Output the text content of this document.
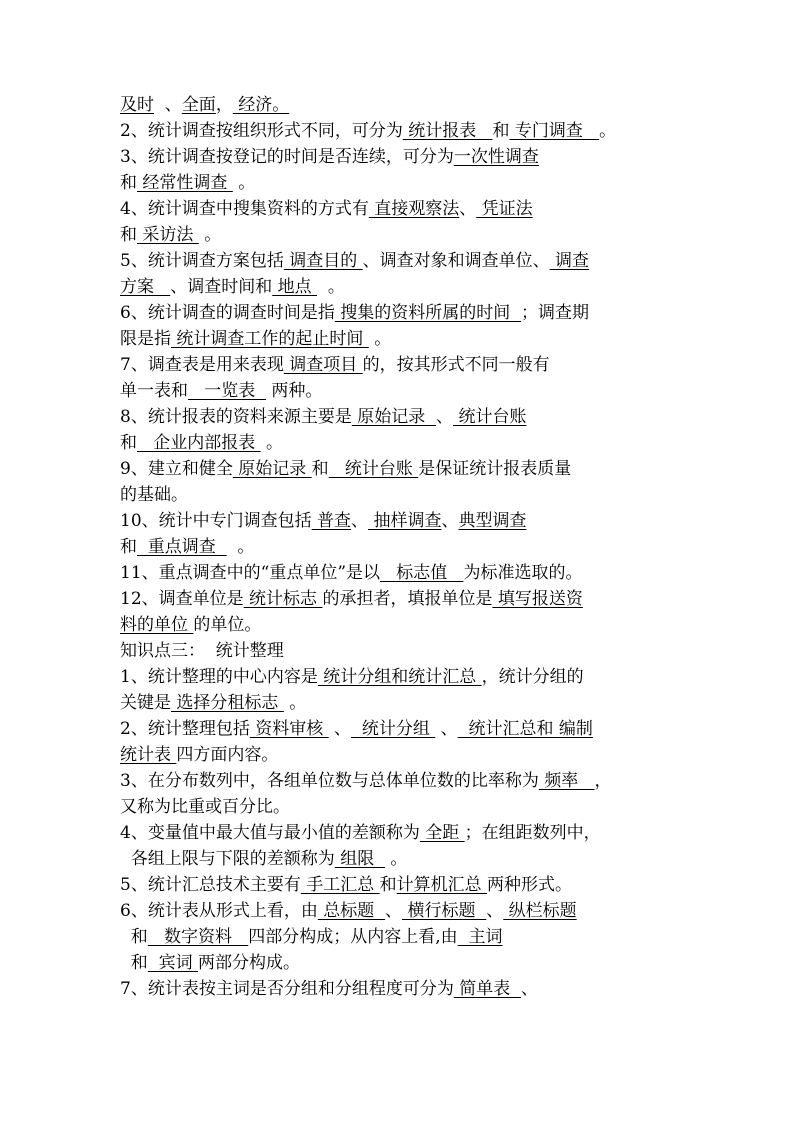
及时  、全面， 经济。
2、统计调查按组织形式不同，可分为 统计报表   和 专门调查   。
3、统计调查按登记的时间是否连续，可分为一次性调查
和 经常性调查  。
4、统计调查中搜集资料的方式有 直接观察法、 凭证法
和 采访法  。
5、统计调查方案包括 调查目的 、调查对象和调查单位、 调查
方案   、调查时间和 地点   。
6、统计调查的调查时间是指 搜集的资料所属的时间  ；调查期
限是指 统计调查工作的起止时间  。
7、调查表是用来表现 调查项目 的，按其形式不同一般有
单一表和   一览表   两种。
8、统计报表的资料来源主要是 原始记录  、 统计台账
和   企业内部报表  。
9、建立和健全 原始记录 和   统计台账 是保证统计报表质量
的基础。
10、统计中专门调查包括 普查、 抽样调查、典型调查
和  重点调查    。
11、重点调查中的“重点单位”是以   标志值   为标准选取的。
12、调查单位是 统计标志 的承担者，填报单位是 填写报送资
料的单位 的单位。
知识点三：  统计整理
1、统计整理的中心内容是 统计分组和统计汇总 ，统计分组的
关键是 选择分租标志  。
2、统计整理包括 资料审核  、  统计分组  、  统计汇总和 编制
统计表 四方面内容。
3、在分布数列中，各组单位数与总体单位数的比率称为 频率   ，
又称为比重或百分比。
4、变量值中最大值与最小值的差额称为 全距 ；在组距数列中，
各组上限与下限的差额称为 组限   。
5、统计汇总技术主要有 手工汇总 和计算机汇总 两种形式。
6、统计表从形式上看，由 总标题  、 横行标题  、 纵栏标题
和   数字资料   四部分构成；从内容上看,由  主词
和  宾词 两部分构成。
7、统计表按主词是否分组和分组程度可分为 简单表  、
